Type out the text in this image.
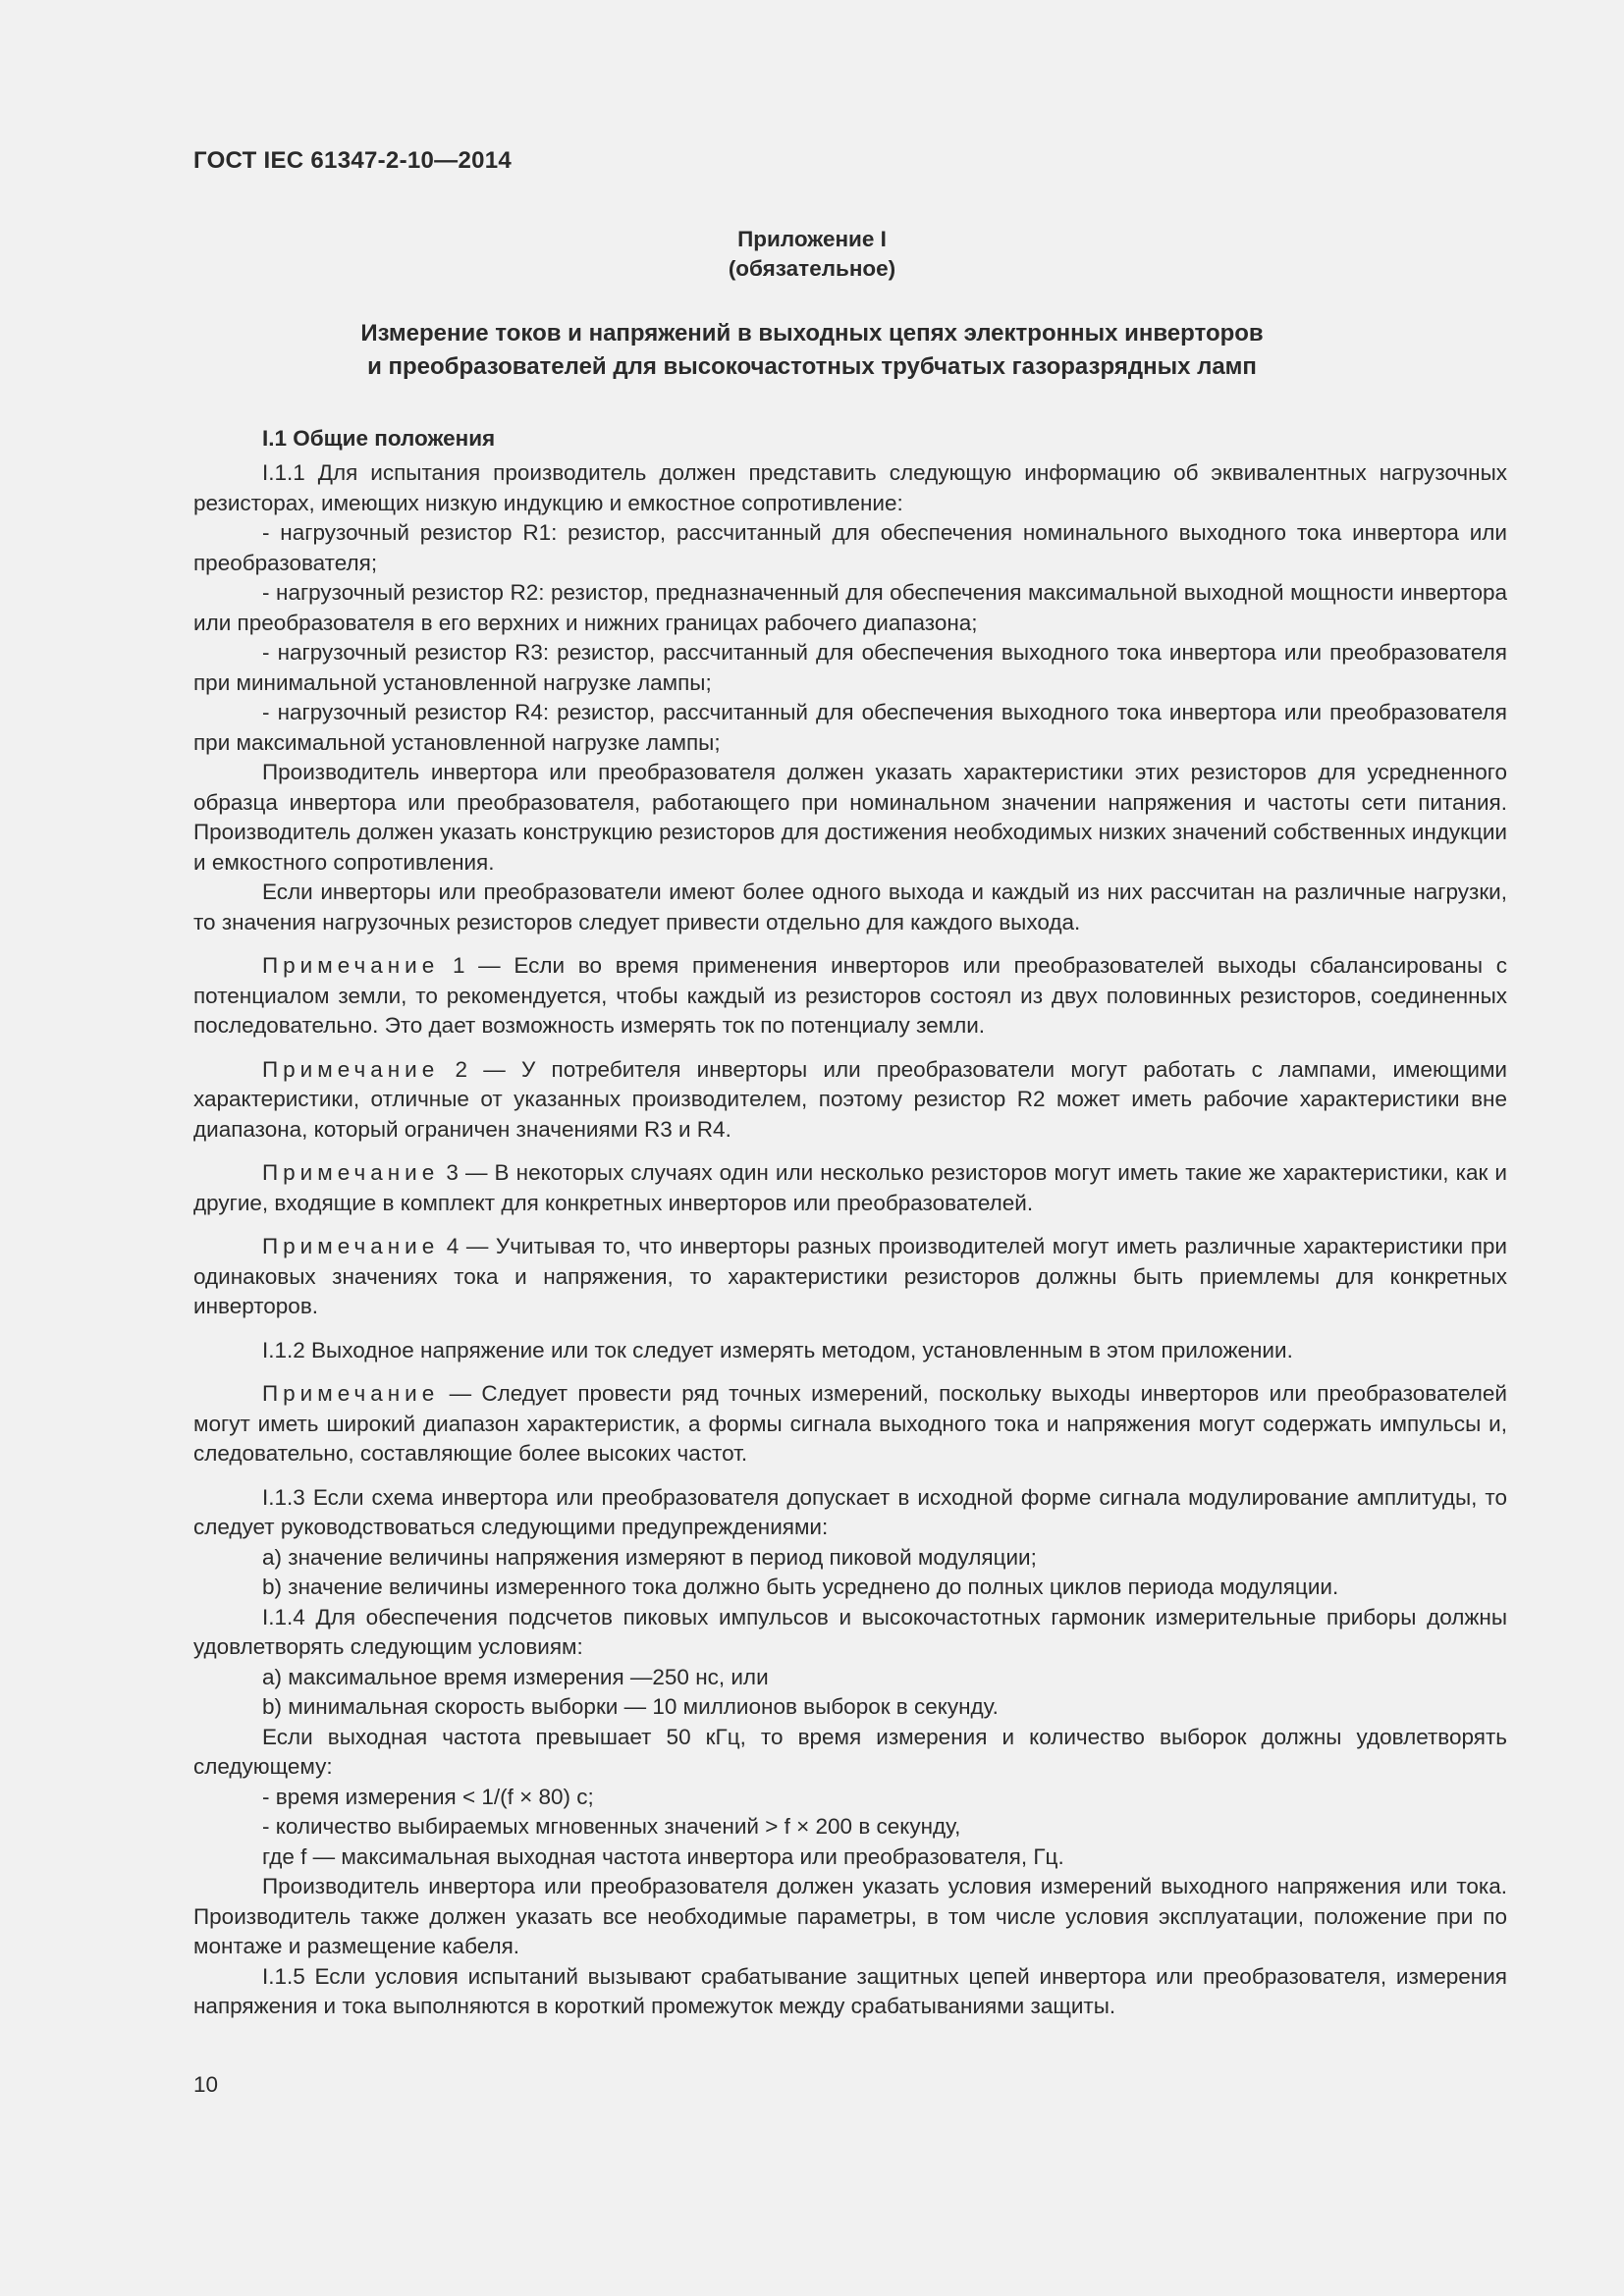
ГОСТ IEC 61347-2-10—2014
Приложение I
(обязательное)
Измерение токов и напряжений в выходных цепях электронных инверторов
и преобразователей для высокочастотных трубчатых газоразрядных ламп
I.1 Общие положения

I.1.1 Для испытания производитель должен представить следующую информацию об эквивалентных нагрузочных резисторах, имеющих низкую индукцию и емкостное сопротивление:

- нагрузочный резистор R1: резистор, рассчитанный для обеспечения номинального выходного тока инвертора или преобразователя;

- нагрузочный резистор R2: резистор, предназначенный для обеспечения максимальной выходной мощности инвертора или преобразователя в его верхних и нижних границах рабочего диапазона;

- нагрузочный резистор R3: резистор, рассчитанный для обеспечения выходного тока инвертора или преобразователя при минимальной установленной нагрузке лампы;

- нагрузочный резистор R4: резистор, рассчитанный для обеспечения выходного тока инвертора или преобразователя при максимальной установленной нагрузке лампы;

Производитель инвертора или преобразователя должен указать характеристики этих резисторов для усредненного образца инвертора или преобразователя, работающего при номинальном значении напряжения и частоты сети питания. Производитель должен указать конструкцию резисторов для достижения необходимых низких значений собственных индукции и емкостного сопротивления.

Если инверторы или преобразователи имеют более одного выхода и каждый из них рассчитан на различные нагрузки, то значения нагрузочных резисторов следует привести отдельно для каждого выхода.

Примечание 1 — Если во время применения инверторов или преобразователей выходы сбалансированы с потенциалом земли, то рекомендуется, чтобы каждый из резисторов состоял из двух половинных резисторов, соединенных последовательно. Это дает возможность измерять ток по потенциалу земли.

Примечание 2 — У потребителя инверторы или преобразователи могут работать с лампами, имеющими характеристики, отличные от указанных производителем, поэтому резистор R2 может иметь рабочие характеристики вне диапазона, который ограничен значениями R3 и R4.

Примечание 3 — В некоторых случаях один или несколько резисторов могут иметь такие же характеристики, как и другие, входящие в комплект для конкретных инверторов или преобразователей.

Примечание 4 — Учитывая то, что инверторы разных производителей могут иметь различные характеристики при одинаковых значениях тока и напряжения, то характеристики резисторов должны быть приемлемы для конкретных инверторов.

I.1.2 Выходное напряжение или ток следует измерять методом, установленным в этом приложении.

Примечание — Следует провести ряд точных измерений, поскольку выходы инверторов или преобразователей могут иметь широкий диапазон характеристик, а формы сигнала выходного тока и напряжения могут содержать импульсы и, следовательно, составляющие более высоких частот.

I.1.3 Если схема инвертора или преобразователя допускает в исходной форме сигнала модулирование амплитуды, то следует руководствоваться следующими предупреждениями:

а) значение величины напряжения измеряют в период пиковой модуляции;

b) значение величины измеренного тока должно быть усреднено до полных циклов периода модуляции.

I.1.4 Для обеспечения подсчетов пиковых импульсов и высокочастотных гармоник измерительные приборы должны удовлетворять следующим условиям:

а) максимальное время измерения —250 нс, или

b) минимальная скорость выборки — 10 миллионов выборок в секунду.

Если выходная частота превышает 50 кГц, то время измерения и количество выборок должны удовлетворять следующему:

- время измерения < 1/(f × 80) с;

- количество выбираемых мгновенных значений > f × 200 в секунду,

где f — максимальная выходная частота инвертора или преобразователя, Гц.

Производитель инвертора или преобразователя должен указать условия измерений выходного напряжения или тока. Производитель также должен указать все необходимые параметры, в том числе условия эксплуатации, положение при по монтаже и размещение кабеля.

I.1.5 Если условия испытаний вызывают срабатывание защитных цепей инвертора или преобразователя, измерения напряжения и тока выполняются в короткий промежуток между срабатываниями защиты.

10
